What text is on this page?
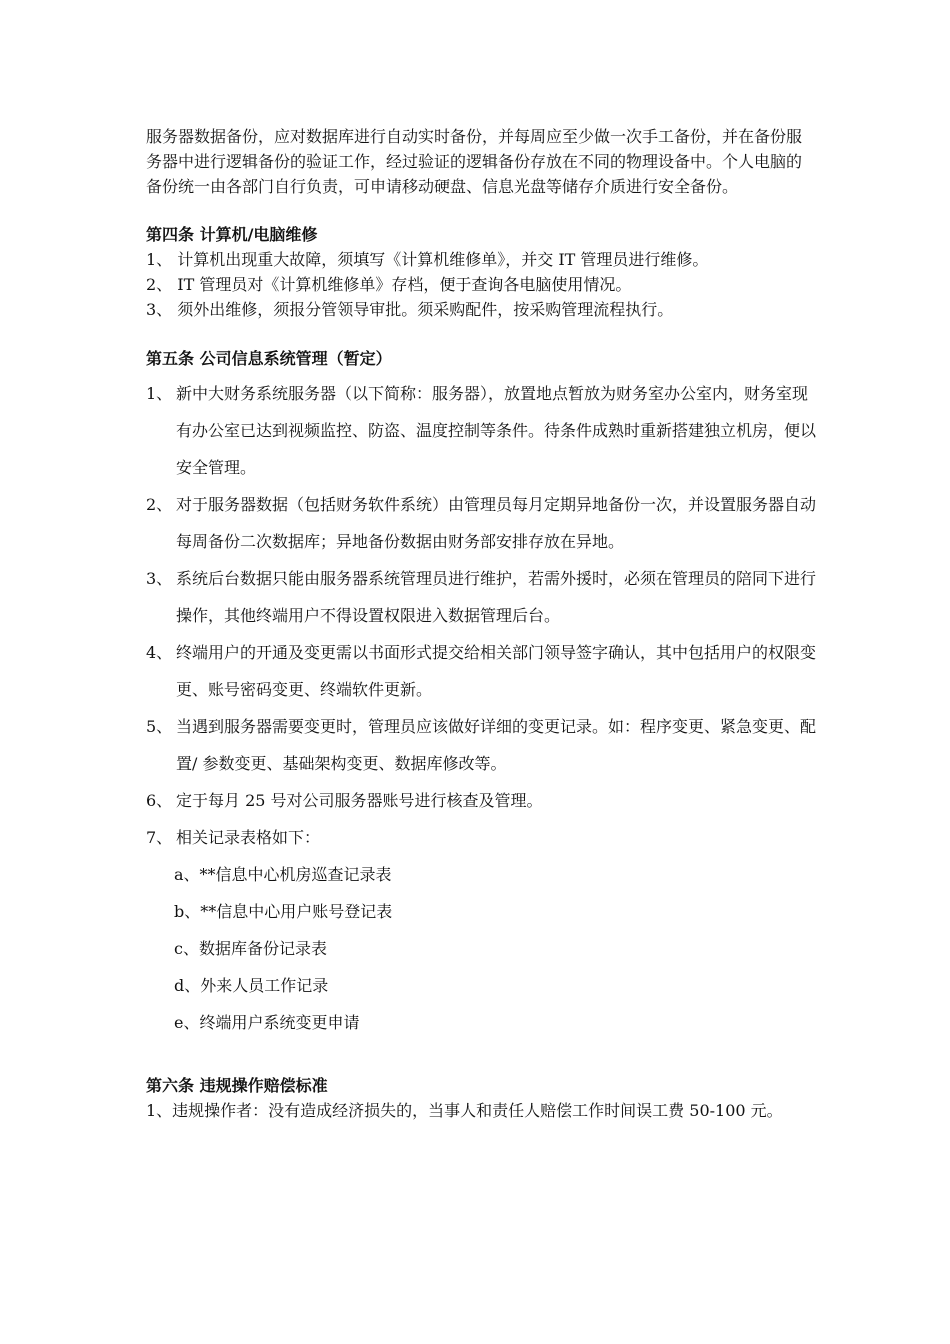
服务器数据备份，应对数据库进行自动实时备份，并每周应至少做一次手工备份，并在备份服务器中进行逻辑备份的验证工作，经过验证的逻辑备份存放在不同的物理设备中。个人电脑的备份统一由各部门自行负责，可申请移动硬盘、信息光盘等储存介质进行安全备份。

第四条 计算机/电脑维修
1、 计算机出现重大故障，须填写《计算机维修单》，并交 IT 管理员进行维修。
2、 IT 管理员对《计算机维修单》存档，便于查询各电脑使用情况。
3、 须外出维修，须报分管领导审批。须采购配件，按采购管理流程执行。
第五条 公司信息系统管理（暂定）
1、 新中大财务系统服务器（以下简称：服务器），放置地点暂放为财务室办公室内，财务室现有办公室已达到视频监控、防盗、温度控制等条件。待条件成熟时重新搭建独立机房，便以安全管理。
2、 对于服务器数据（包括财务软件系统）由管理员每月定期异地备份一次，并设置服务器自动每周备份二次数据库；异地备份数据由财务部安排存放在异地。
3、 系统后台数据只能由服务器系统管理员进行维护，若需外援时，必须在管理员的陪同下进行操作，其他终端用户不得设置权限进入数据管理后台。
4、 终端用户的开通及变更需以书面形式提交给相关部门领导签字确认，其中包括用户的权限变更、账号密码变更、终端软件更新。
5、 当遇到服务器需要变更时，管理员应该做好详细的变更记录。如：程序变更、紧急变更、配置/ 参数变更、基础架构变更、数据库修改等。
6、 定于每月 25 号对公司服务器账号进行核查及管理。
7、 相关记录表格如下：
a、**信息中心机房巡查记录表
b、**信息中心用户账号登记表
c、数据库备份记录表
d、外来人员工作记录
e、终端用户系统变更申请
第六条 违规操作赔偿标准

1、违规操作者：没有造成经济损失的，当事人和责任人赔偿工作时间误工费 50-100 元。
